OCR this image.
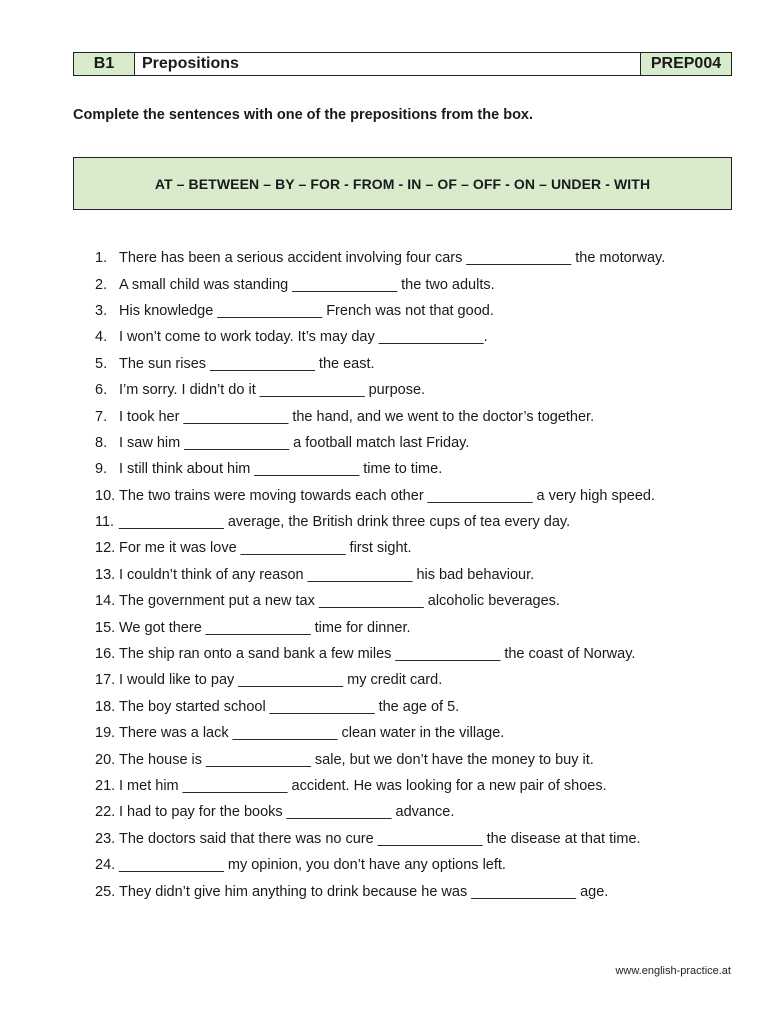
B1	Prepositions	PREP004
Complete the sentences with one of the prepositions from the box.
AT – BETWEEN – BY – FOR - FROM - IN – OF – OFF - ON – UNDER - WITH
1. There has been a serious accident involving four cars _____________ the motorway.
2. A small child was standing _____________ the two adults.
3. His knowledge _____________ French was not that good.
4. I won’t come to work today. It’s may day _____________.
5. The sun rises _____________ the east.
6. I’m sorry. I didn’t do it _____________ purpose.
7. I took her _____________ the hand, and we went to the doctor’s together.
8. I saw him _____________ a football match last Friday.
9. I still think about him _____________ time to time.
10. The two trains were moving towards each other _____________ a very high speed.
11. _____________ average, the British drink three cups of tea every day.
12. For me it was love _____________ first sight.
13. I couldn’t think of any reason _____________ his bad behaviour.
14. The government put a new tax _____________ alcoholic beverages.
15. We got there _____________ time for dinner.
16. The ship ran onto a sand bank a few miles _____________ the coast of Norway.
17. I would like to pay _____________ my credit card.
18. The boy started school _____________ the age of 5.
19. There was a lack _____________ clean water in the village.
20. The house is _____________ sale, but we don’t have the money to buy it.
21. I met him _____________ accident. He was looking for a new pair of shoes.
22. I had to pay for the books _____________ advance.
23. The doctors said that there was no cure _____________ the disease at that time.
24. _____________ my opinion, you don’t have any options left.
25. They didn’t give him anything to drink because he was _____________ age.
www.english-practice.at
